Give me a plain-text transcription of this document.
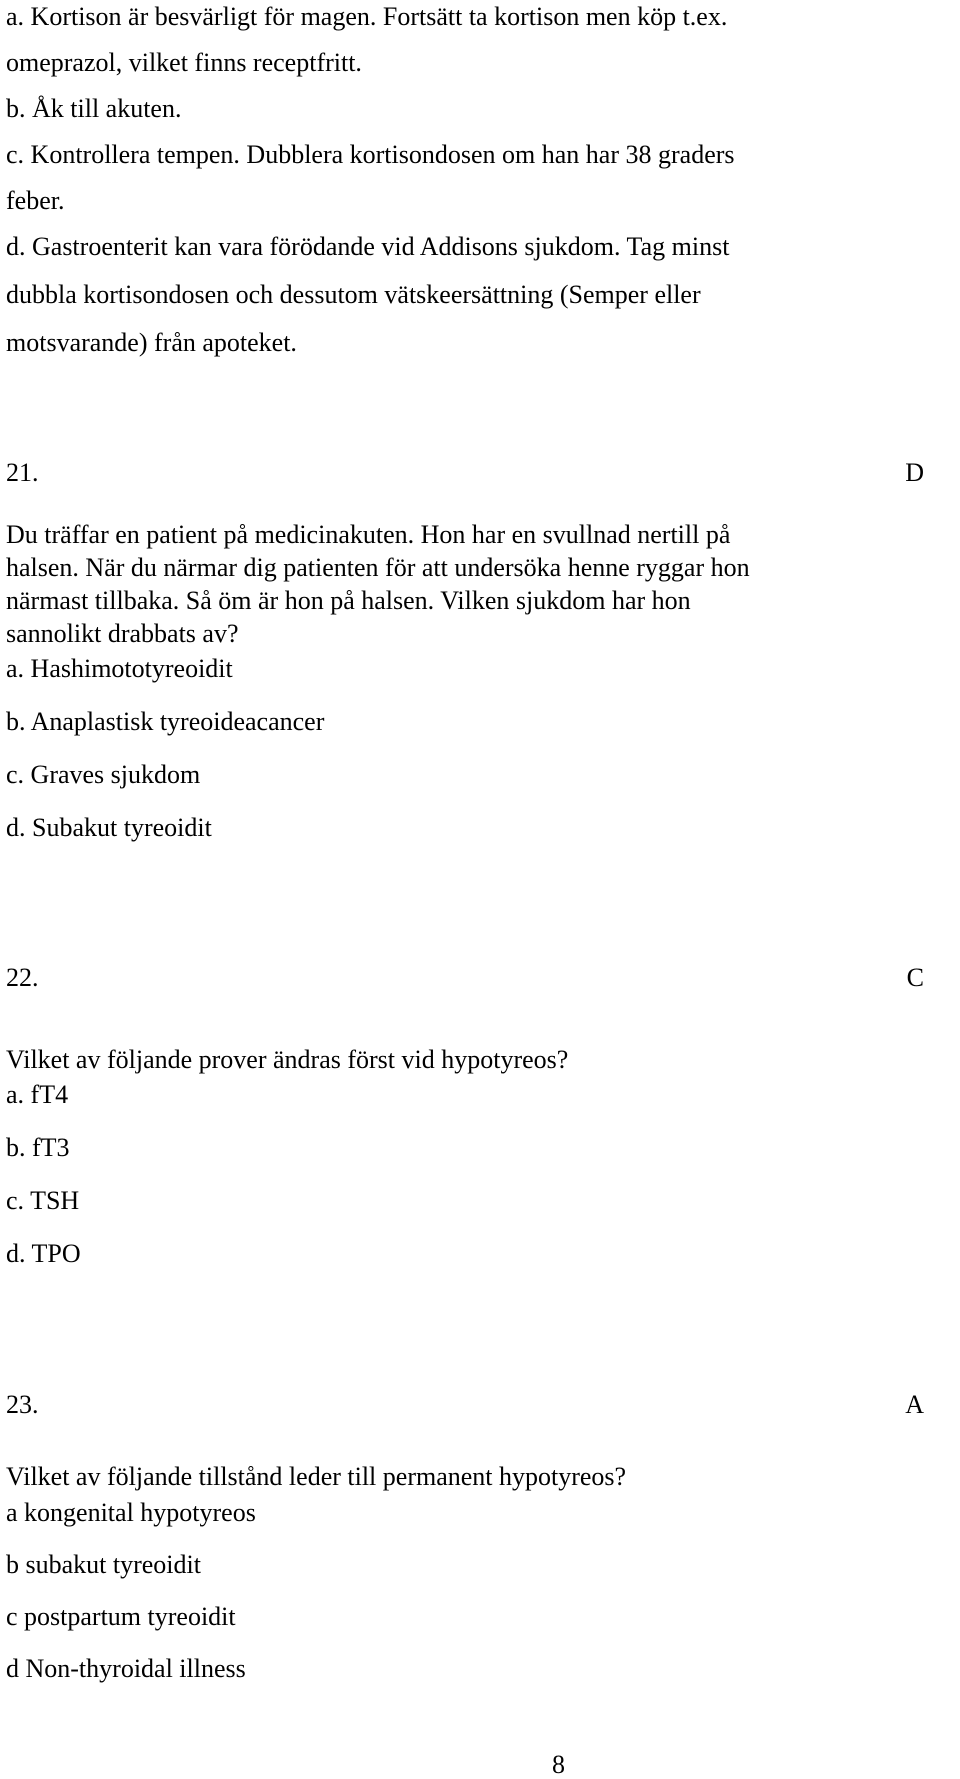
a. Kortison är besvärligt för magen. Fortsätt ta kortison men köp t.ex.
omeprazol, vilket finns receptfritt.
b. Åk till akuten.
c. Kontrollera tempen. Dubblera kortisondosen om han har 38 graders
feber.
d. Gastroenterit kan vara förödande vid Addisons sjukdom. Tag minst
dubbla kortisondosen och dessutom vätskeersättning (Semper eller
motsvarande) från apoteket.
21.	D
Du träffar en patient på medicinakuten. Hon har en svullnad nertill på
halsen. När du närmar dig patienten för att undersöka henne ryggar hon
närmast tillbaka. Så öm är hon på halsen. Vilken sjukdom har hon
sannolikt drabbats av?
a. Hashimototyreoidit
b. Anaplastisk tyreoideacancer
c. Graves sjukdom
d. Subakut tyreoidit
22.	C
Vilket av följande prover ändras först vid hypotyreos?
a. fT4
b. fT3
c. TSH
d. TPO
23.	A
Vilket av följande tillstånd leder till permanent hypotyreos?
a kongenital hypotyreos
b subakut tyreoidit
c postpartum tyreoidit
d Non-thyroidal illness
8
